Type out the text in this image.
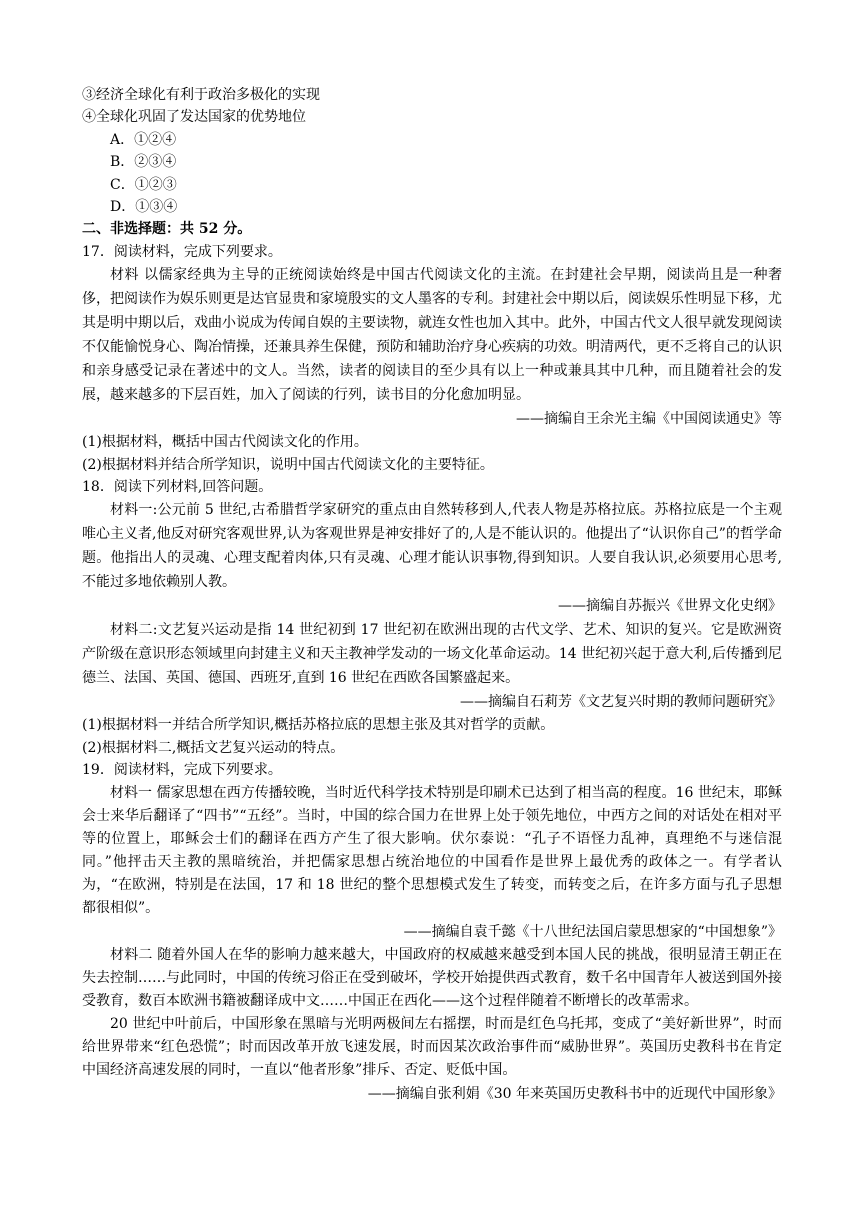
③经济全球化有利于政治多极化的实现
④全球化巩固了发达国家的优势地位
A．①②④
B．②③④
C．①②③
D．①③④
二、非选择题：共 52 分。
17．阅读材料，完成下列要求。
材料 以儒家经典为主导的正统阅读始终是中国古代阅读文化的主流。在封建社会早期，阅读尚且是一种奢侈，把阅读作为娱乐则更是达官显贵和家境殷实的文人墨客的专利。封建社会中期以后，阅读娱乐性明显下移，尤其是明中期以后，戏曲小说成为传闻自娱的主要读物，就连女性也加入其中。此外，中国古代文人很早就发现阅读不仅能愉悦身心、陶冶情操，还兼具养生保健，预防和辅助治疗身心疾病的功效。明清两代，更不乏将自己的认识和亲身感受记录在著述中的文人。当然，读者的阅读目的至少具有以上一种或兼具其中几种，而且随着社会的发展，越来越多的下层百姓，加入了阅读的行列，读书目的分化愈加明显。
——摘编自王余光主编《中国阅读通史》等
(1)根据材料，概括中国古代阅读文化的作用。
(2)根据材料并结合所学知识，说明中国古代阅读文化的主要特征。
18．阅读下列材料,回答问题。
材料一:公元前 5 世纪,古希腊哲学家研究的重点由自然转移到人,代表人物是苏格拉底。苏格拉底是一个主观唯心主义者,他反对研究客观世界,认为客观世界是神安排好了的,人是不能认识的。他提出了“认识你自己”的哲学命题。他指出人的灵魂、心理支配着肉体,只有灵魂、心理才能认识事物,得到知识。人要自我认识,必须要用心思考,不能过多地依赖别人教。
——摘编自苏振兴《世界文化史纲》
材料二:文艺复兴运动是指 14 世纪初到 17 世纪初在欧洲出现的古代文学、艺术、知识的复兴。它是欧洲资产阶级在意识形态领域里向封建主义和天主教神学发动的一场文化革命运动。14 世纪初兴起于意大利,后传播到尼德兰、法国、英国、德国、西班牙,直到 16 世纪在西欧各国繁盛起来。
——摘编自石莉芳《文艺复兴时期的教师问题研究》
(1)根据材料一并结合所学知识,概括苏格拉底的思想主张及其对哲学的贡献。
(2)根据材料二,概括文艺复兴运动的特点。
19．阅读材料，完成下列要求。
材料一 儒家思想在西方传播较晚，当时近代科学技术特别是印刷术已达到了相当高的程度。16 世纪末，耶稣会士来华后翻译了“四书”“五经”。当时，中国的综合国力在世界上处于领先地位，中西方之间的对话处在相对平等的位置上，耶稣会士们的翻译在西方产生了很大影响。伏尔泰说：“孔子不语怪力乱神，真理绝不与迷信混同。”他抨击天主教的黑暗统治，并把儒家思想占统治地位的中国看作是世界上最优秀的政体之一。有学者认为，“在欧洲，特别是在法国，17 和 18 世纪的整个思想模式发生了转变，而转变之后，在许多方面与孔子思想都很相似”。
——摘编自袁千懿《十八世纪法国启蒙思想家的“中国想象”》
材料二 随着外国人在华的影响力越来越大，中国政府的权威越来越受到本国人民的挑战，很明显清王朝正在失去控制……与此同时，中国的传统习俗正在受到破坏，学校开始提供西式教育，数千名中国青年人被送到国外接受教育，数百本欧洲书籍被翻译成中文……中国正在西化——这个过程伴随着不断增长的改革需求。
20 世纪中叶前后，中国形象在黑暗与光明两极间左右摇摆，时而是红色乌托邦，变成了“美好新世界”，时而给世界带来“红色恐慌”；时而因改革开放飞速发展，时而因某次政治事件而“威胁世界”。英国历史教科书在肯定中国经济高速发展的同时，一直以“他者形象”排斥、否定、贬低中国。
——摘编自张利娟《30 年来英国历史教科书中的近现代中国形象》
